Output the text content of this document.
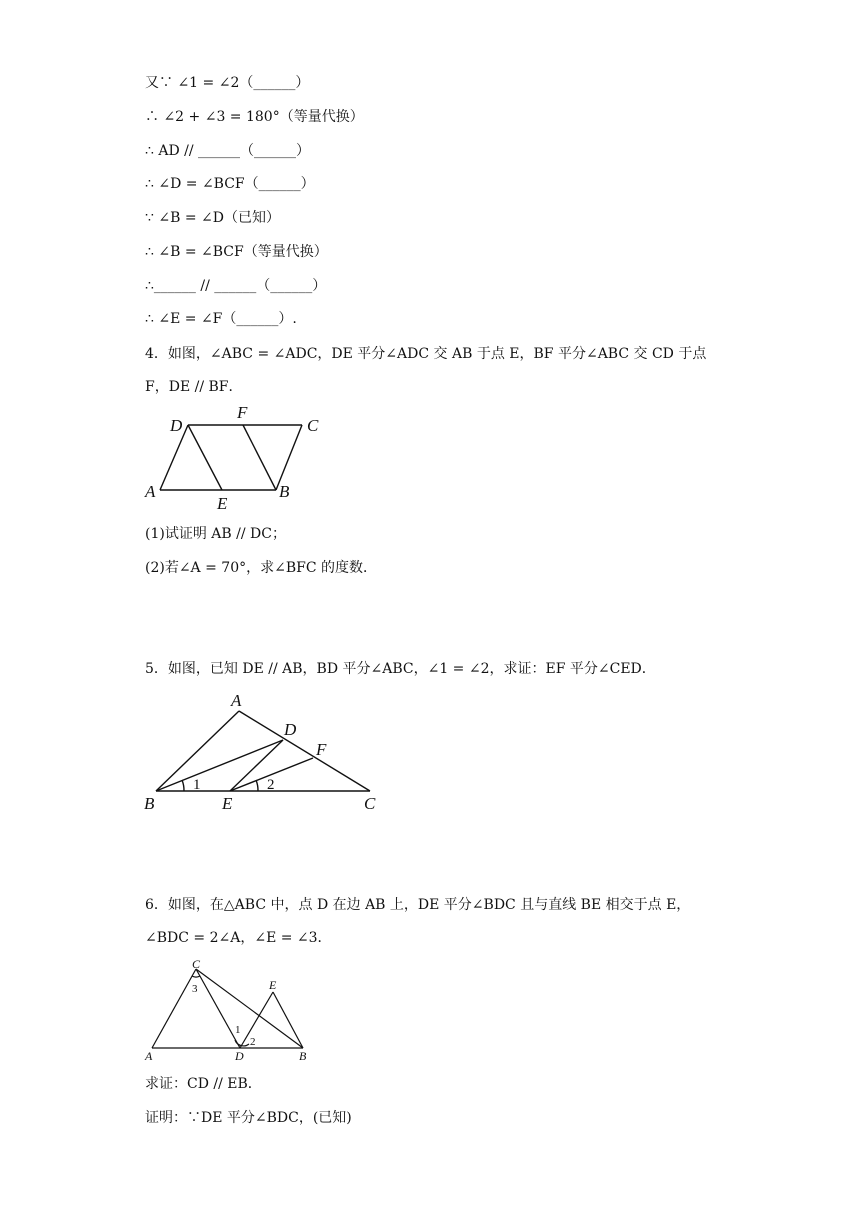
又∵ ∠1 = ∠2（______）
∴ ∠2 + ∠3 = 180°（等量代换）
∴ AD // ______（______）
∴ ∠D = ∠BCF（______）
∵ ∠B = ∠D（已知）
∴ ∠B = ∠BCF（等量代换）
∴______ // ______（______）
∴ ∠E = ∠F（______）.
4．如图，∠ABC = ∠ADC，DE 平分∠ADC 交 AB 于点 E，BF 平分∠ABC 交 CD 于点
F，DE // BF．
D
F
C
A
E
B
(1)试证明 AB // DC；
(2)若∠A = 70°，求∠BFC 的度数．
5．如图，已知 DE // AB，BD 平分∠ABC，∠1 = ∠2，求证：EF 平分∠CED．
A
D
F
B	E	C
1	2
6．如图，在△ABC 中，点 D 在边 AB 上，DE 平分∠BDC 且与直线 BE 相交于点 E，
∠BDC = 2∠A，∠E = ∠3．
C
E
A	D	B
3
1
2
求证：CD // EB．
证明：∵DE 平分∠BDC，(已知)
